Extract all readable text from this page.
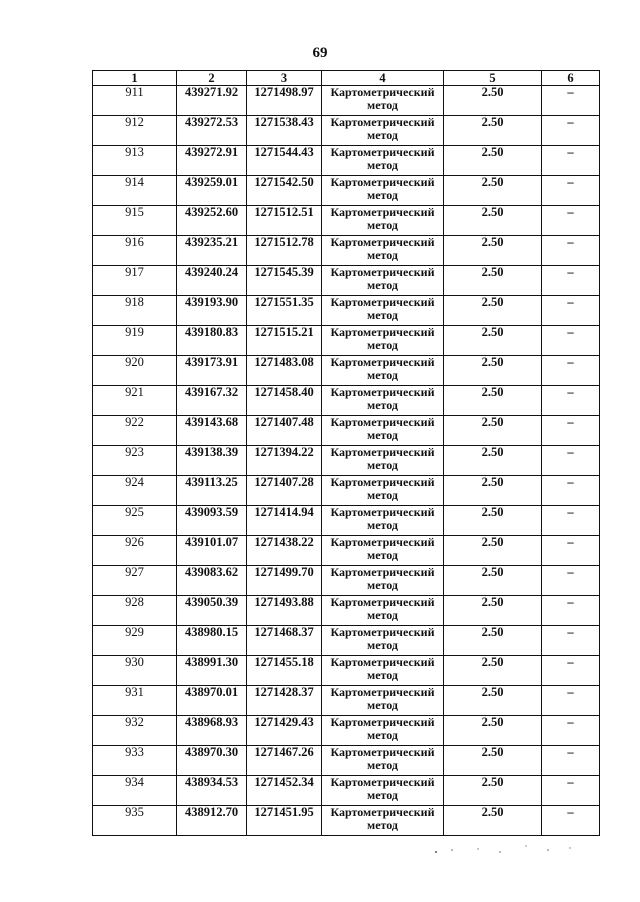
69
1	2	3	4	5	6
911	439271.92	1271498.97	Картометрический метод	2.50	–
912	439272.53	1271538.43	Картометрический метод	2.50	–
913	439272.91	1271544.43	Картометрический метод	2.50	–
914	439259.01	1271542.50	Картометрический метод	2.50	–
915	439252.60	1271512.51	Картометрический метод	2.50	–
916	439235.21	1271512.78	Картометрический метод	2.50	–
917	439240.24	1271545.39	Картометрический метод	2.50	–
918	439193.90	1271551.35	Картометрический метод	2.50	–
919	439180.83	1271515.21	Картометрический метод	2.50	–
920	439173.91	1271483.08	Картометрический метод	2.50	–
921	439167.32	1271458.40	Картометрический метод	2.50	–
922	439143.68	1271407.48	Картометрический метод	2.50	–
923	439138.39	1271394.22	Картометрический метод	2.50	–
924	439113.25	1271407.28	Картометрический метод	2.50	–
925	439093.59	1271414.94	Картометрический метод	2.50	–
926	439101.07	1271438.22	Картометрический метод	2.50	–
927	439083.62	1271499.70	Картометрический метод	2.50	–
928	439050.39	1271493.88	Картометрический метод	2.50	–
929	438980.15	1271468.37	Картометрический метод	2.50	–
930	438991.30	1271455.18	Картометрический метод	2.50	–
931	438970.01	1271428.37	Картометрический метод	2.50	–
932	438968.93	1271429.43	Картометрический метод	2.50	–
933	438970.30	1271467.26	Картометрический метод	2.50	–
934	438934.53	1271452.34	Картометрический метод	2.50	–
935	438912.70	1271451.95	Картометрический метод	2.50	–
